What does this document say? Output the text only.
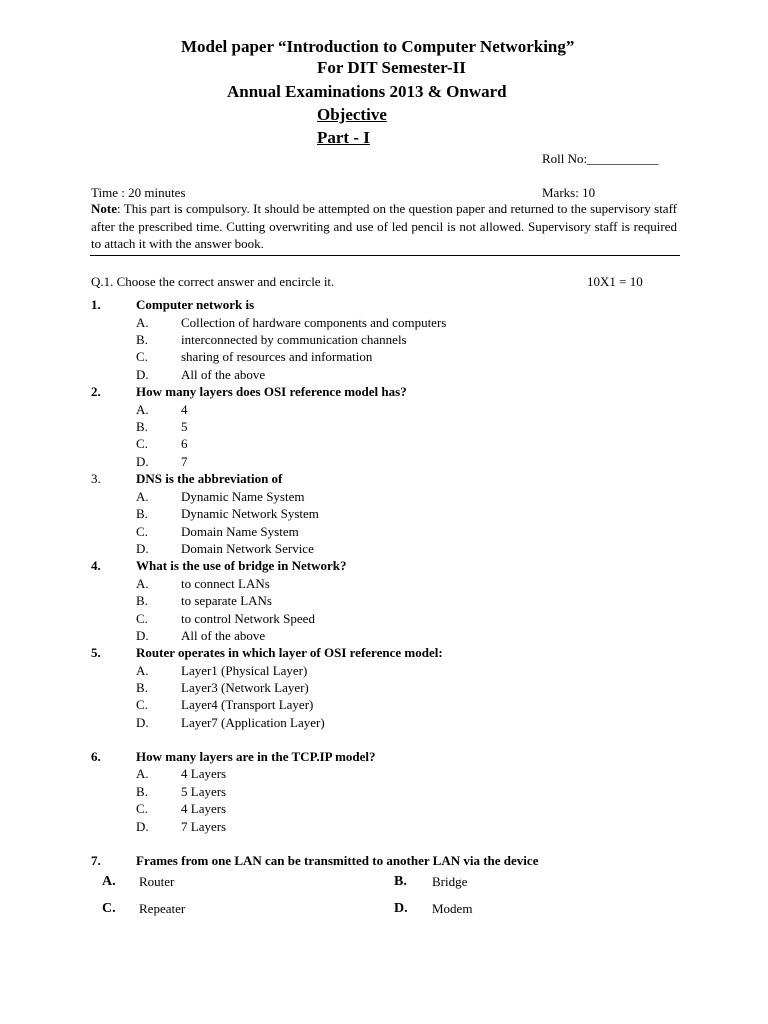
Model paper “Introduction to Computer Networking”
For DIT Semester-II
Annual Examinations 2013 & Onward
Objective
Part - I
Roll No:___________
Time : 20 minutes	Marks: 10
Note: This part is compulsory. It should be attempted on the question paper and returned to the supervisory staff after the prescribed time. Cutting overwriting and use of led pencil is not allowed. Supervisory staff is required to attach it with the answer book.
Q.1. Choose the correct answer and encircle it.	10X1 = 10
1.	Computer network is
A. Collection of hardware components and computers
B.	interconnected by communication channels
C.	sharing of resources and information
D. All of the above
2.	How many layers does OSI reference model has?
A. 4
B.	5
C.	6
D. 7
3.	DNS is the abbreviation of
A. Dynamic Name System
B.	Dynamic Network System
C.	Domain Name System
D. Domain Network Service
4.	What is the use of bridge in Network?
A. to connect LANs
B.	to separate LANs
C.	to control Network Speed
D. All of the above
5.	Router operates in which layer of OSI reference model:
A. Layer1 (Physical Layer)
B.	Layer3 (Network Layer)
C.	Layer4 (Transport Layer)
D. Layer7 (Application Layer)
6.	How many layers are in the TCP.IP model?
A. 4 Layers
B.	5 Layers
C.	4 Layers
D. 7 Layers
7.	Frames from one LAN can be transmitted to another LAN via the device
A. Router	B. Bridge
C. Repeater	D. Modem
